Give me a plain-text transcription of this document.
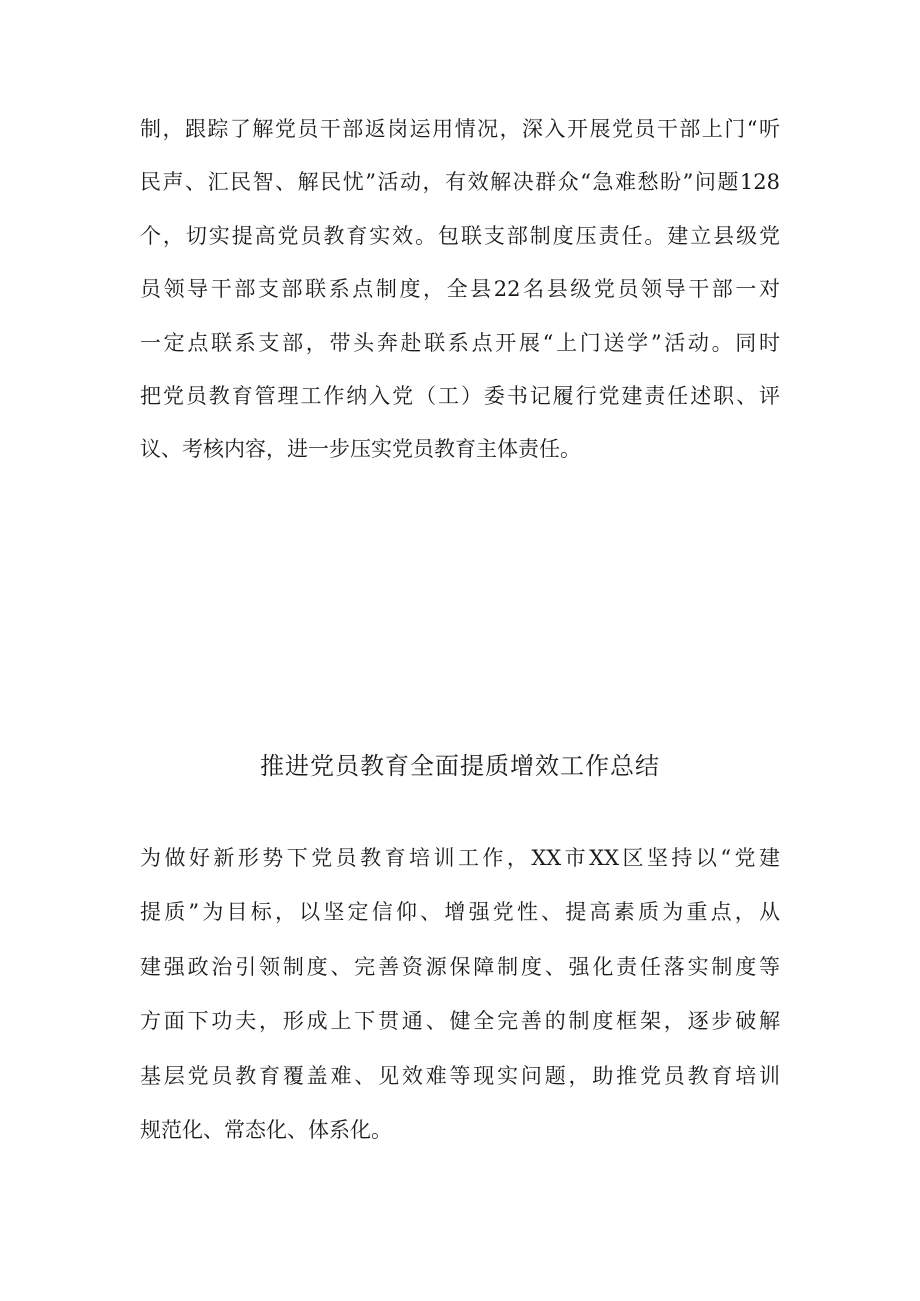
制，跟踪了解党员干部返岗运用情况，深入开展党员干部上门“听
民声、汇民智、解民忧”活动，有效解决群众“急难愁盼”问题128
个，切实提高党员教育实效。包联支部制度压责任。建立县级党
员领导干部支部联系点制度，全县22名县级党员领导干部一对
一定点联系支部，带头奔赴联系点开展“上门送学”活动。同时
把党员教育管理工作纳入党（工）委书记履行党建责任述职、评
议、考核内容，进一步压实党员教育主体责任。
推进党员教育全面提质增效工作总结
为做好新形势下党员教育培训工作，XX市XX区坚持以“党建
提质”为目标，以坚定信仰、增强党性、提高素质为重点，从
建强政治引领制度、完善资源保障制度、强化责任落实制度等
方面下功夫，形成上下贯通、健全完善的制度框架，逐步破解
基层党员教育覆盖难、见效难等现实问题，助推党员教育培训
规范化、常态化、体系化。
